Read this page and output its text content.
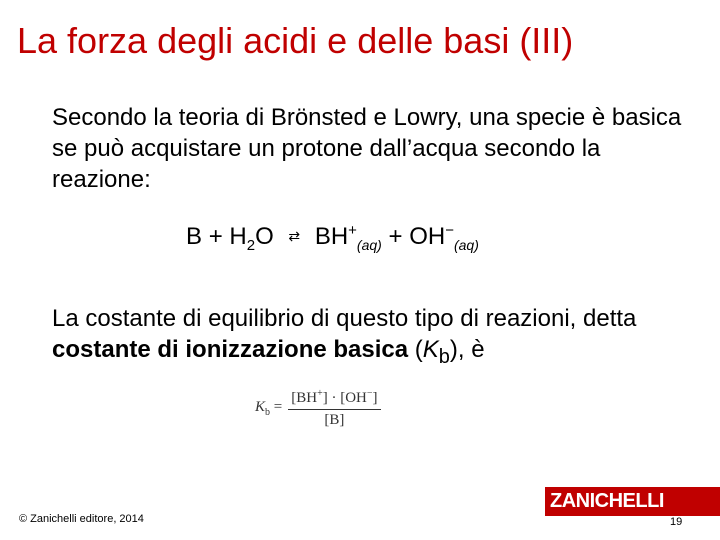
La forza degli acidi e delle basi (III)

Secondo la teoria di Brönsted e Lowry, una specie è basica se può acquistare un protone dall’acqua secondo la reazione:

$B + H_2O$ ⇄ $BH^+_{(aq)} + OH^-_{(aq)}$

La costante di equilibrio di questo tipo di reazioni, detta costante di ionizzazione basica $(K_b)$, è

$K_b = \frac{[BH^+] \cdot [OH^-]}{[B]}$
© Zanichelli editore, 2014
ZANICHELLI
19
